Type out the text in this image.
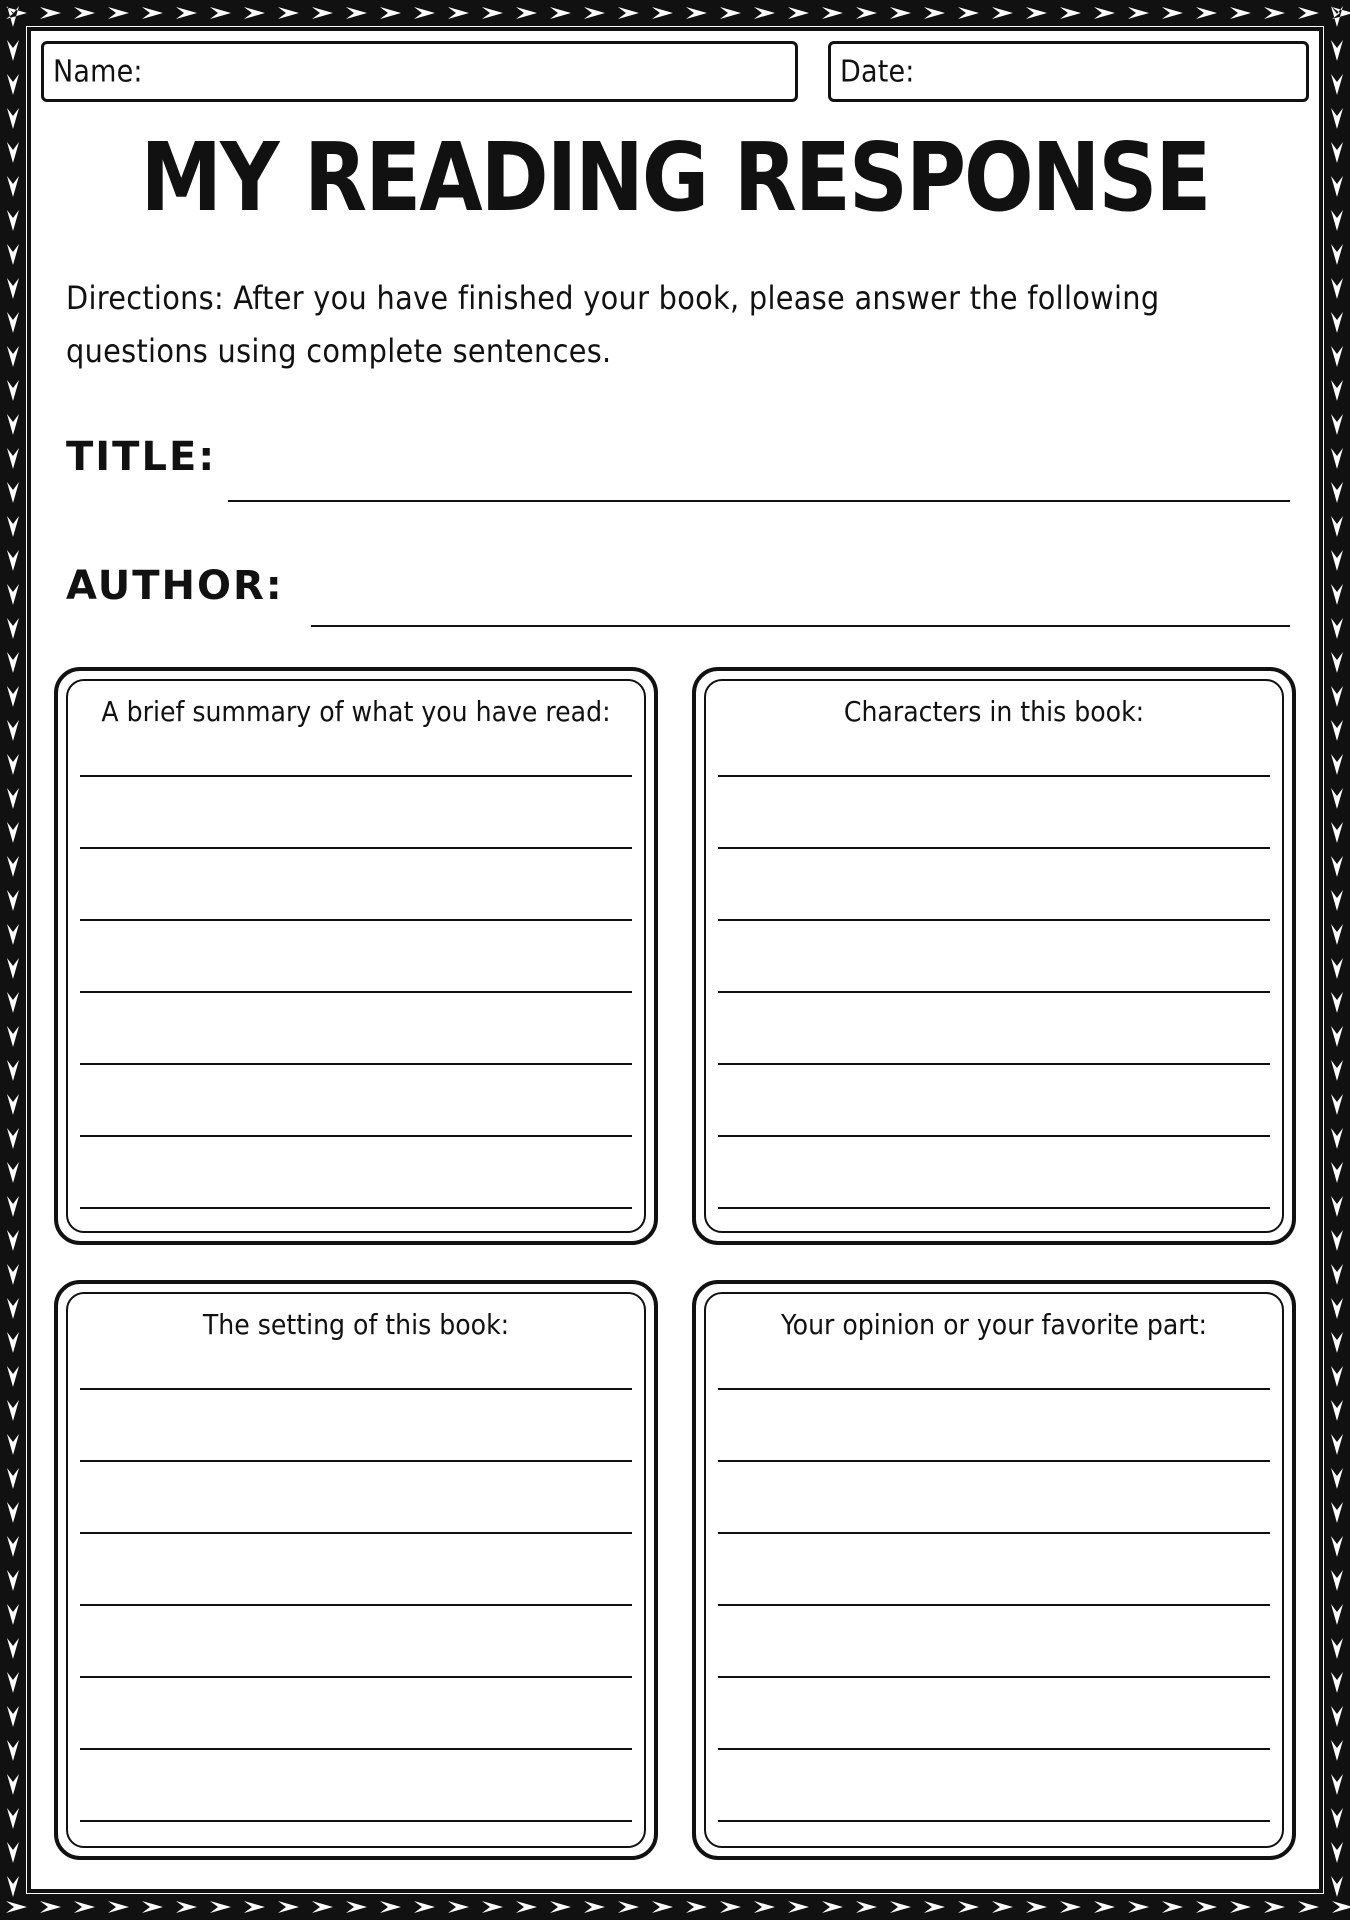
Name:	Date:
MY READING RESPONSE
Directions: After you have finished your book, please answer the following questions using complete sentences.
TITLE:
AUTHOR:
A brief summary of what you have read:	Characters in this book:
The setting of this book:	Your opinion or your favorite part:
